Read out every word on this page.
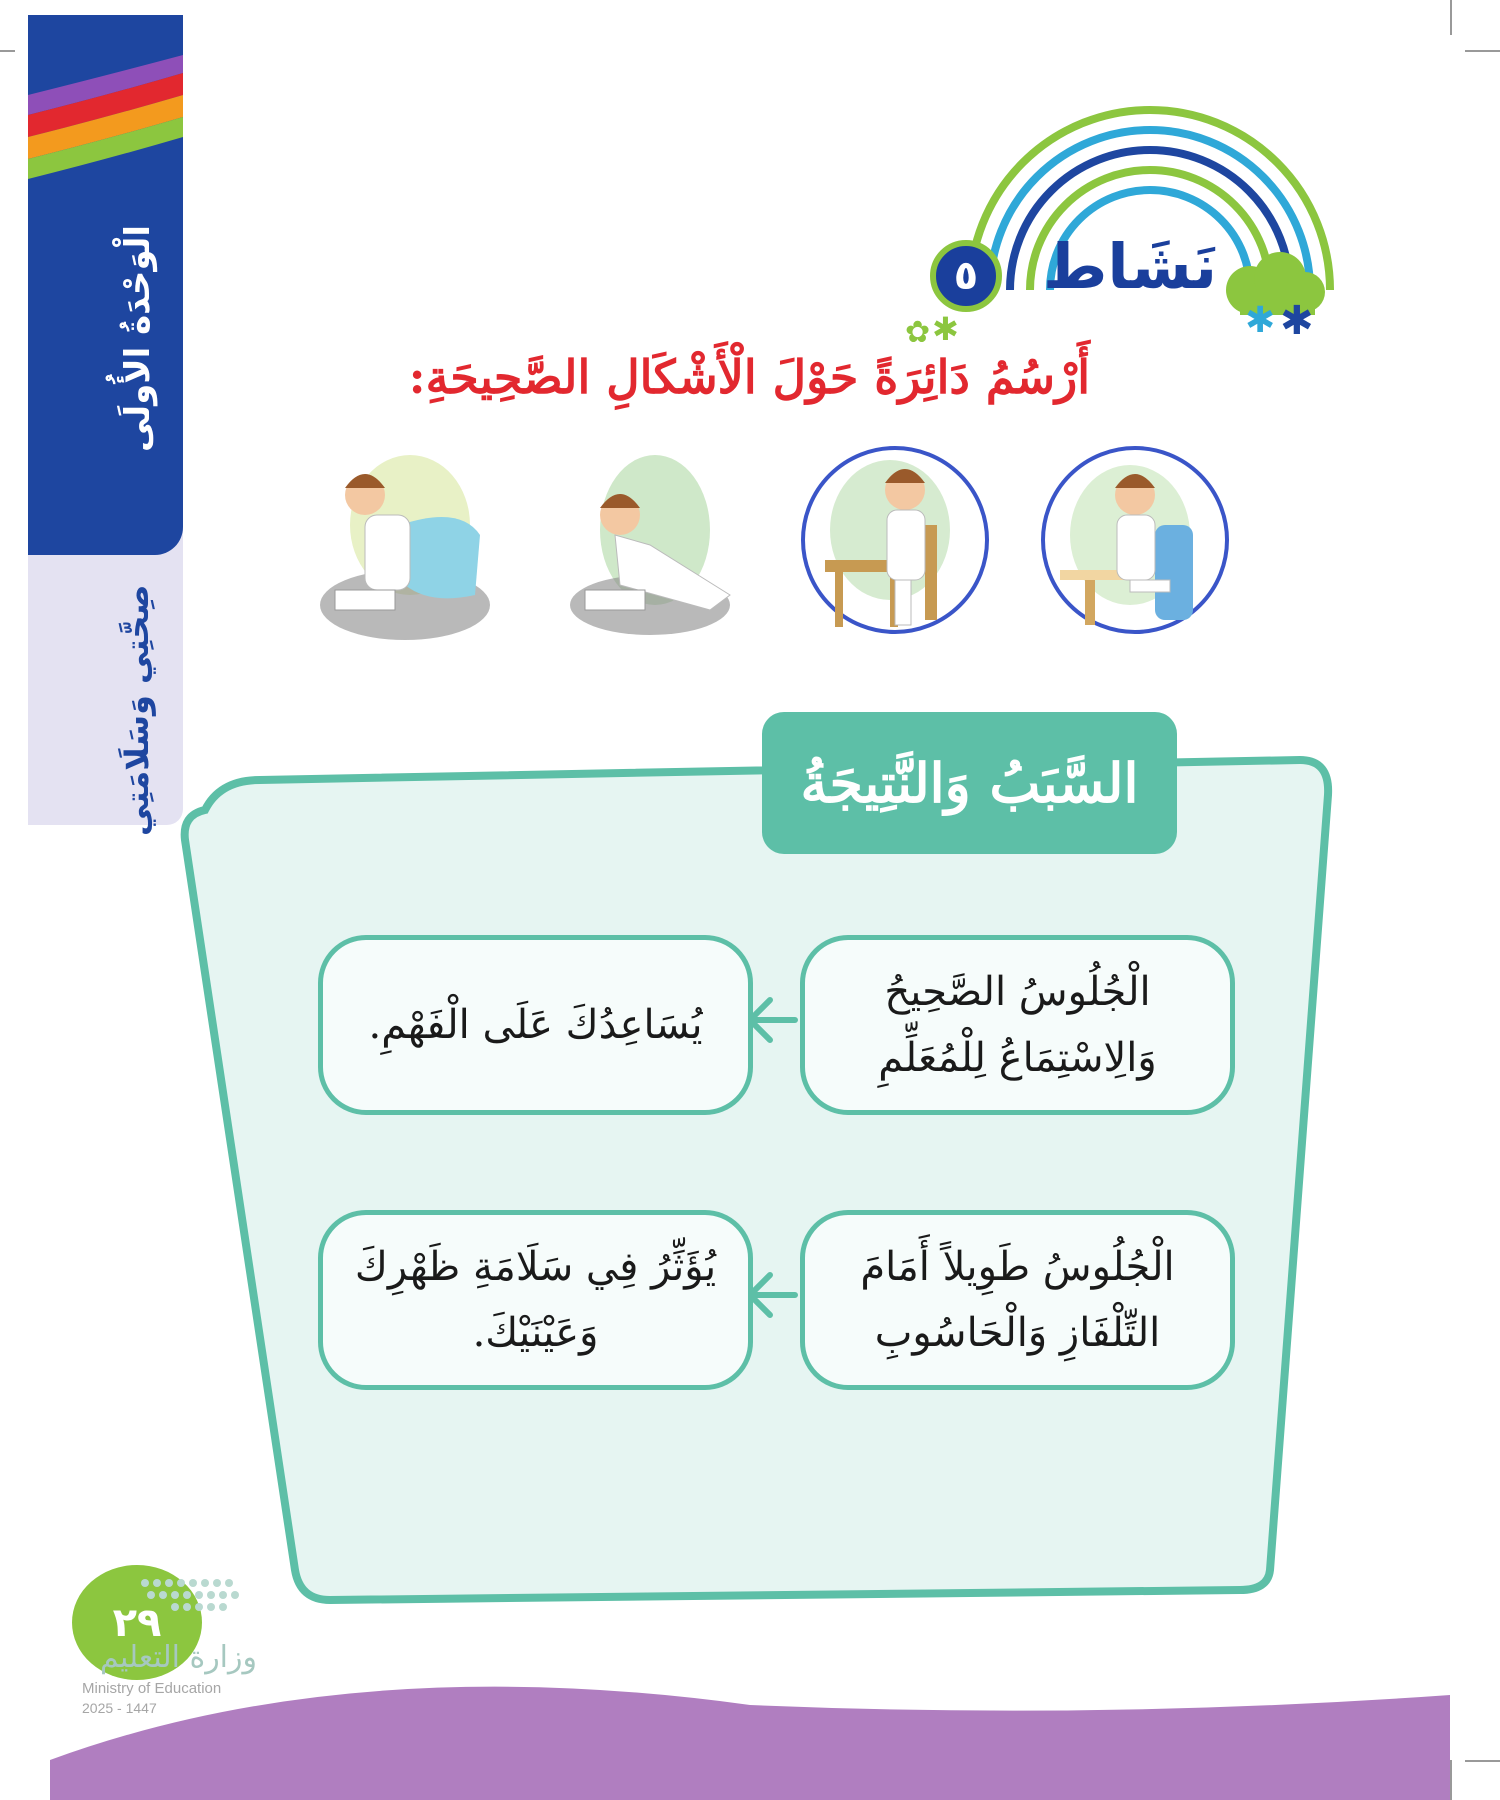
الْوَحْدَةُ الأُولَى
صِحَّتِي وَسَلَامَتِي
✱ ✱
✿ ✱
نَشَاط
٥
أَرْسُمُ دَائِرَةً حَوْلَ الْأَشْكَالِ الصَّحِيحَةِ:
السَّبَبُ وَالنَّتِيجَةُ
الْجُلُوسُ الصَّحِيحُ
وَالِاسْتِمَاعُ لِلْمُعَلِّمِ
يُسَاعِدُكَ عَلَى الْفَهْمِ.
الْجُلُوسُ طَوِيلاً أَمَامَ
التِّلْفَازِ وَالْحَاسُوبِ
يُؤَثِّرُ فِي سَلَامَةِ ظَهْرِكَ
وَعَيْنَيْكَ.
٢٩
وزارة التعليم
Ministry of Education
2025 - 1447
